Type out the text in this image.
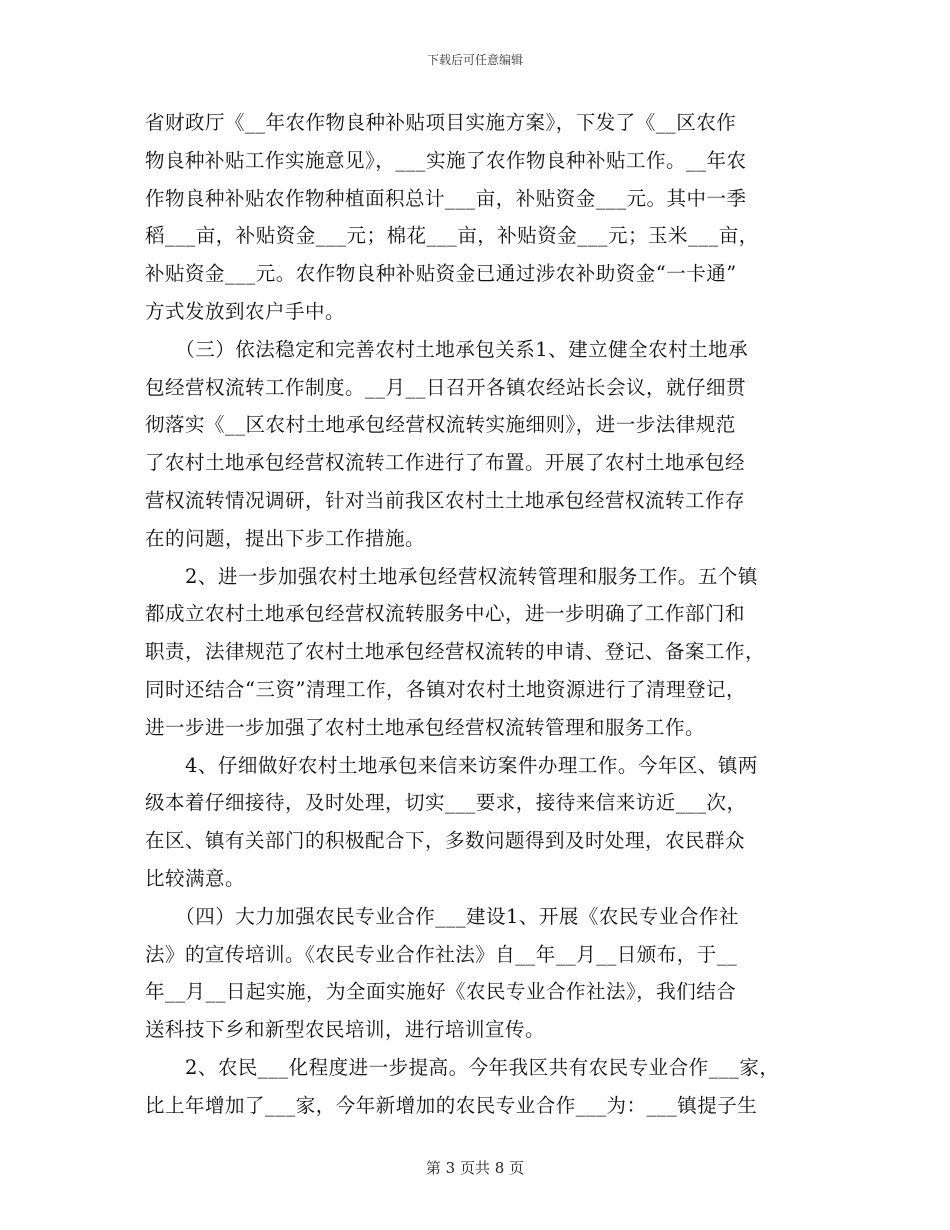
下载后可任意编辑
省财政厅《__年农作物良种补贴项目实施方案》，下发了《__区农作
物良种补贴工作实施意见》，___实施了农作物良种补贴工作。__年农
作物良种补贴农作物种植面积总计___亩，补贴资金___元。其中一季
稻___亩，补贴资金___元；棉花___亩，补贴资金___元；玉米___亩，
补贴资金___元。农作物良种补贴资金已通过涉农补助资金“一卡通”
方式发放到农户手中。
　　（三）依法稳定和完善农村土地承包关系1、建立健全农村土地承
包经营权流转工作制度。__月__日召开各镇农经站长会议，就仔细贯
彻落实《__区农村土地承包经营权流转实施细则》，进一步法律规范
了农村土地承包经营权流转工作进行了布置。开展了农村土地承包经
营权流转情况调研，针对当前我区农村土土地承包经营权流转工作存
在的问题，提出下步工作措施。
　　2、进一步加强农村土地承包经营权流转管理和服务工作。五个镇
都成立农村土地承包经营权流转服务中心，进一步明确了工作部门和
职责，法律规范了农村土地承包经营权流转的申请、登记、备案工作，
同时还结合“三资”清理工作，各镇对农村土地资源进行了清理登记，
进一步进一步加强了农村土地承包经营权流转管理和服务工作。
　　4、仔细做好农村土地承包来信来访案件办理工作。今年区、镇两
级本着仔细接待，及时处理，切实___要求，接待来信来访近___次，
在区、镇有关部门的积极配合下，多数问题得到及时处理，农民群众
比较满意。
　　（四）大力加强农民专业合作___建设1、开展《农民专业合作社
法》的宣传培训。《农民专业合作社法》自__年__月__日颁布，于__
年__月__日起实施，为全面实施好《农民专业合作社法》，我们结合
送科技下乡和新型农民培训，进行培训宣传。
　　2、农民___化程度进一步提高。今年我区共有农民专业合作___家，
比上年增加了___家，今年新增加的农民专业合作___为：___镇提子生
第 3 页共 8 页
